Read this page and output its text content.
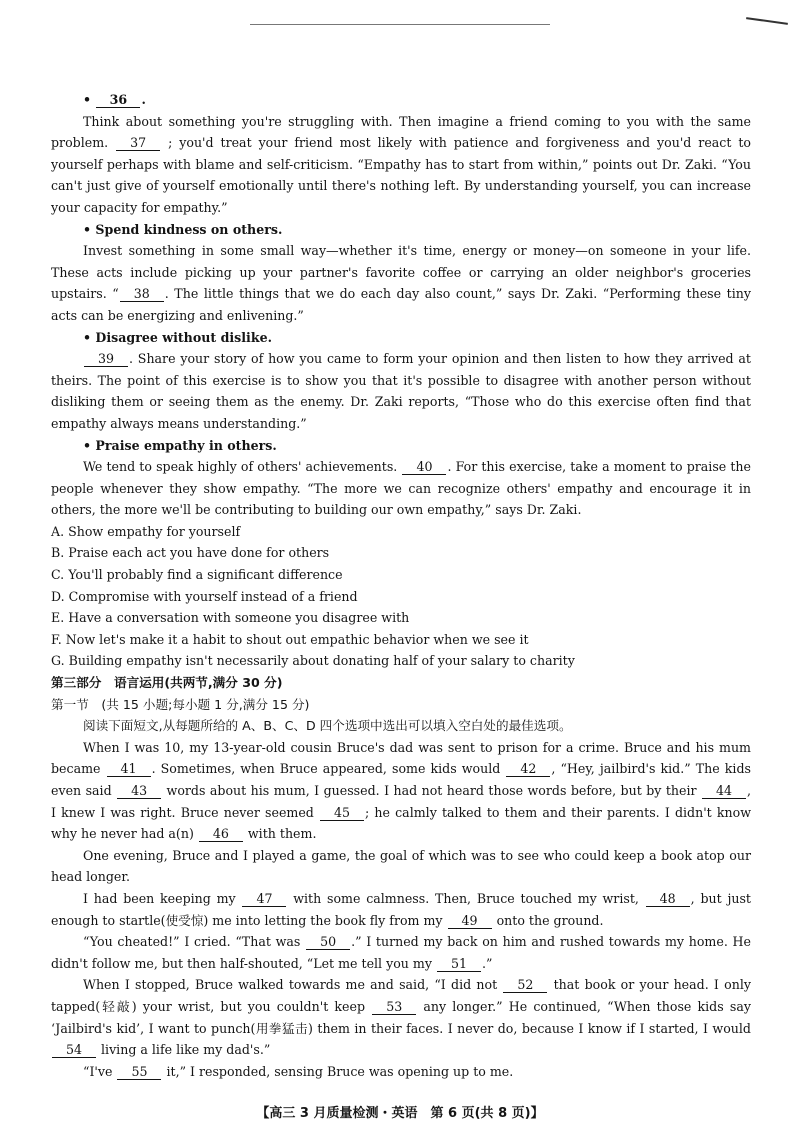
• 36 .

Think about something you're struggling with. Then imagine a friend coming to you with the same problem. 37 ; you'd treat your friend most likely with patience and forgiveness and you'd react to yourself perhaps with blame and self-criticism. “Empathy has to start from within,” points out Dr. Zaki. “You can't just give of yourself emotionally until there's nothing left. By understanding yourself, you can increase your capacity for empathy.”

• Spend kindness on others.

Invest something in some small way—whether it's time, energy or money—on someone in your life. These acts include picking up your partner's favorite coffee or carrying an older neighbor's groceries upstairs. “ 38 . The little things that we do each day also count,” says Dr. Zaki. “Performing these tiny acts can be energizing and enlivening.”

• Disagree without dislike.

39 . Share your story of how you came to form your opinion and then listen to how they arrived at theirs. The point of this exercise is to show you that it's possible to disagree with another person without disliking them or seeing them as the enemy. Dr. Zaki reports, “Those who do this exercise often find that empathy always means understanding.”

• Praise empathy in others.

We tend to speak highly of others' achievements. 40 . For this exercise, take a moment to praise the people whenever they show empathy. “The more we can recognize others' empathy and encourage it in others, the more we'll be contributing to building our own empathy,” says Dr. Zaki.

A. Show empathy for yourself

B. Praise each act you have done for others

C. You'll probably find a significant difference

D. Compromise with yourself instead of a friend

E. Have a conversation with someone you disagree with

F. Now let's make it a habit to shout out empathic behavior when we see it

G. Building empathy isn't necessarily about donating half of your salary to charity

第三部分　语言运用(共两节,满分 30 分)

第一节　(共 15 小题;每小题 1 分,满分 15 分)

阅读下面短文,从每题所给的 A、B、C、D 四个选项中选出可以填入空白处的最佳选项。

When I was 10, my 13-year-old cousin Bruce's dad was sent to prison for a crime. Bruce and his mum became 41 . Sometimes, when Bruce appeared, some kids would 42 , “Hey, jailbird's kid.” The kids even said 43 words about his mum, I guessed. I had not heard those words before, but by their 44 , I knew I was right. Bruce never seemed 45 ; he calmly talked to them and their parents. I didn't know why he never had a(n) 46 with them.

One evening, Bruce and I played a game, the goal of which was to see who could keep a book atop our head longer.

I had been keeping my 47 with some calmness. Then, Bruce touched my wrist, 48 , but just enough to startle(使受惊) me into letting the book fly from my 49 onto the ground.

“You cheated!” I cried. “That was 50 .” I turned my back on him and rushed towards my home. He didn't follow me, but then half-shouted, “Let me tell you my 51 .”

When I stopped, Bruce walked towards me and said, “I did not 52 that book or your head. I only tapped(轻敲) your wrist, but you couldn't keep 53 any longer.” He continued, “When those kids say ‘Jailbird's kid’, I want to punch(用拳猛击) them in their faces. I never do, because I know if I started, I would 54 living a life like my dad's.”

“I've 55 it,” I responded, sensing Bruce was opening up to me.

【高三 3 月质量检测・英语　第 6 页(共 8 页)】
